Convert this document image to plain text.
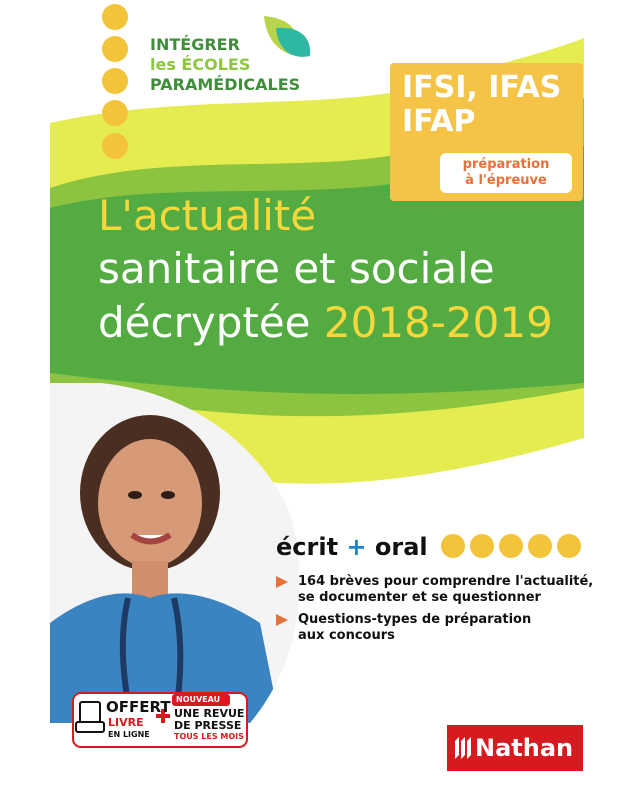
INTÉGRER
les ÉCOLES
PARAMÉDICALES	IFSI, IFAS
IFAP
préparation
à l'épreuve
L'actualité
sanitaire et sociale
décryptée 2018-2019
écrit + oral
164 brèves pour comprendre l'actualité,
se documenter et se questionner
Questions-types de préparation
aux concours
OFFERT
LIVRE
EN LIGNE
NOUVEAU
UNE REVUE
DE PRESSE
TOUS LES MOIS	Nathan
